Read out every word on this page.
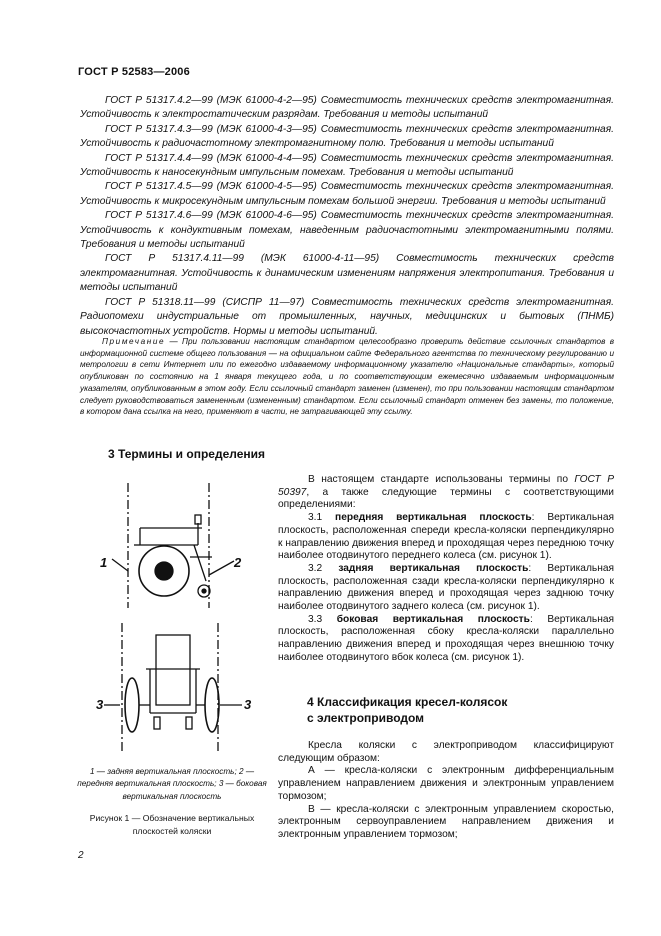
ГОСТ Р 52583—2006

ГОСТ Р 51317.4.2—99 (МЭК 61000-4-2—95) Совместимость технических средств электромагнитная. Устойчивость к электростатическим разрядам. Требования и методы испытаний

ГОСТ Р 51317.4.3—99 (МЭК 61000-4-3—95) Совместимость технических средств электромагнитная. Устойчивость к радиочастотному электромагнитному полю. Требования и методы испытаний

ГОСТ Р 51317.4.4—99 (МЭК 61000-4-4—95) Совместимость технических средств электромагнитная. Устойчивость к наносекундным импульсным помехам. Требования и методы испытаний

ГОСТ Р 51317.4.5—99 (МЭК 61000-4-5—95) Совместимость технических средств электромагнитная. Устойчивость к микросекундным импульсным помехам большой энергии. Требования и методы испытаний

ГОСТ Р 51317.4.6—99 (МЭК 61000-4-6—95) Совместимость технических средств электромагнитная. Устойчивость к кондуктивным помехам, наведенным радиочастотными электромагнитными полями. Требования и методы испытаний

ГОСТ Р 51317.4.11—99 (МЭК 61000-4-11—95) Совместимость технических средств электромагнитная. Устойчивость к динамическим изменениям напряжения электропитания. Требования и методы испытаний

ГОСТ Р 51318.11—99 (СИСПР 11—97) Совместимость технических средств электромагнитная. Радиопомехи индустриальные от промышленных, научных, медицинских и бытовых (ПНМБ) высокочастотных устройств. Нормы и методы испытаний.

Примечание — При пользовании настоящим стандартом целесообразно проверить действие ссылочных стандартов в информационной системе общего пользования — на официальном сайте Федерального агентства по техническому регулированию и метрологии в сети Интернет или по ежегодно издаваемому информационному указателю «Национальные стандарты», который опубликован по состоянию на 1 января текущего года, и по соответствующим ежемесячно издаваемым информационным указателям, опубликованным в этом году. Если ссылочный стандарт заменен (изменен), то при пользовании настоящим стандартом следует руководствоваться замененным (измененным) стандартом. Если ссылочный стандарт отменен без замены, то положение, в котором дана ссылка на него, применяют в части, не затрагивающей эту ссылку.

3 Термины и определения

В настоящем стандарте использованы термины по ГОСТ Р 50397, а также следующие термины с соответствующими определениями:

3.1 передняя вертикальная плоскость: Вертикальная плоскость, расположенная спереди кресла-коляски перпендикулярно к направлению движения вперед и проходящая через переднюю точку наиболее отодвинутого переднего колеса (см. рисунок 1).

3.2 задняя вертикальная плоскость: Вертикальная плоскость, расположенная сзади кресла-коляски перпендикулярно к направлению движения вперед и проходящая через заднюю точку наиболее отодвинутого заднего колеса (см. рисунок 1).

3.3 боковая вертикальная плоскость: Вертикальная плоскость, расположенная сбоку кресла-коляски параллельно направлению движения вперед и проходящая через внешнюю точку наиболее отодвинутого вбок колеса (см. рисунок 1).

4 Классификация кресел-колясок
с электроприводом

Кресла коляски с электроприводом классифицируют следующим образом:

А — кресла-коляски с электронным дифференциальным управлением направлением движения и электронным управлением тормозом;

В — кресла-коляски с электронным управлением скоростью, электронным сервоуправлением направлением движения и электронным управлением тормозом;

1	2
3	3
1 — задняя вертикальная плоскость; 2 — передняя вертикальная плоскость; 3 — боковая вертикальная плоскость
Рисунок 1 — Обозначение вертикальных плоскостей коляски
2
